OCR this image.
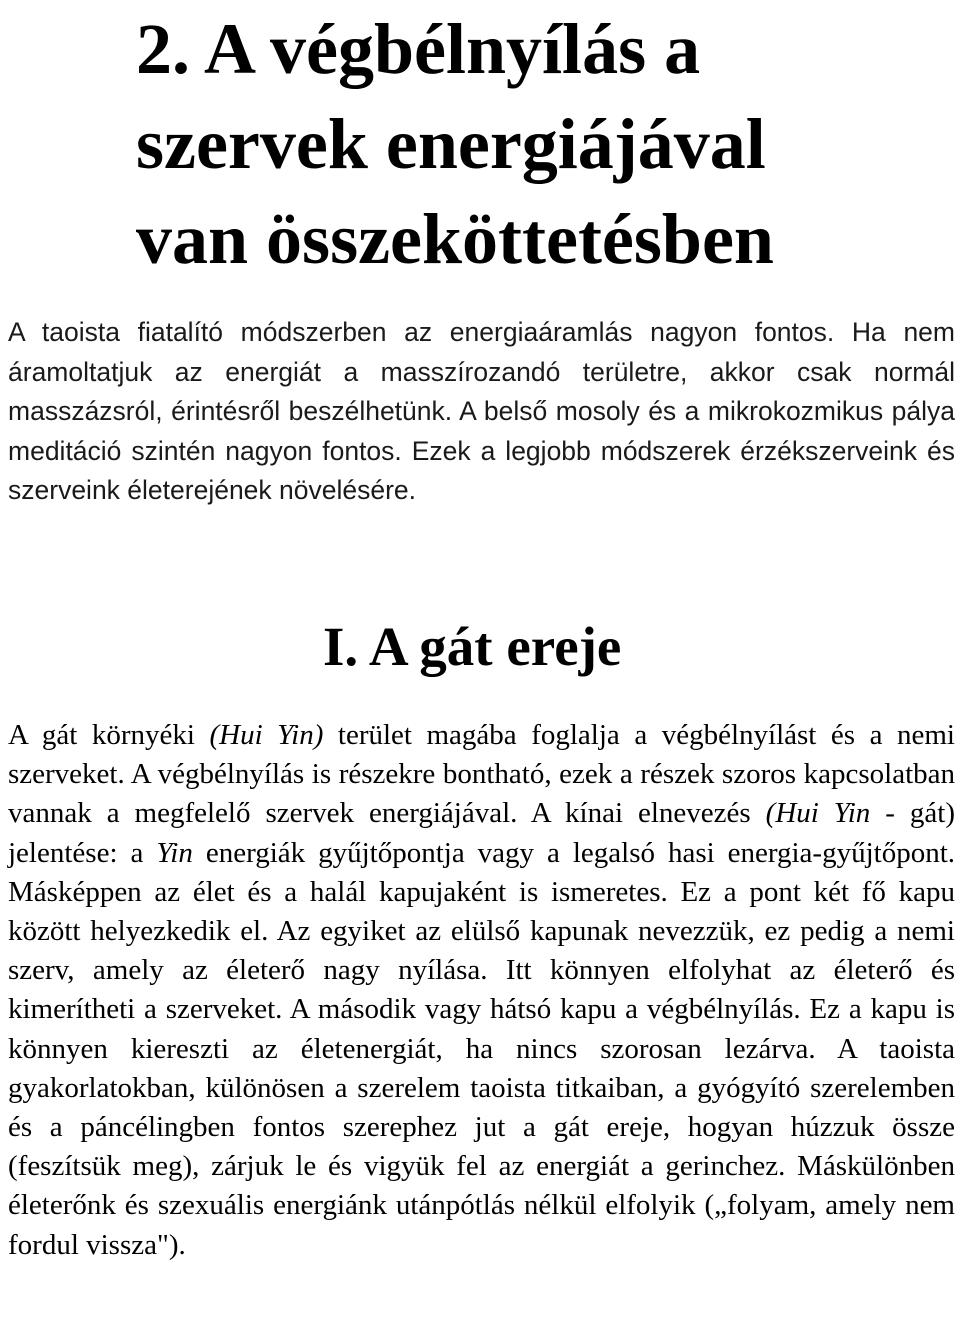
2. A végbélnyílás a
szervek energiájával
van összeköttetésben

A taoista fiatalító módszerben az energiaáramlás nagyon fontos. Ha nem áramoltatjuk az energiát a masszírozandó területre, akkor csak normál masszázsról, érintésről beszélhetünk. A belső mosoly és a mikrokozmikus pálya meditáció szintén nagyon fontos. Ezek a legjobb módszerek érzékszerveink és szerveink életerejének növelésére.

I. A gát ereje

A gát környéki (Hui Yin) terület magába foglalja a végbélnyílást és a nemi szerveket. A végbélnyílás is részekre bontható, ezek a részek szoros kapcsolatban vannak a megfelelő szervek energiájával. A kínai elnevezés (Hui Yin - gát) jelentése: a Yin energiák gyűjtőpontja vagy a legalsó hasi energia-gyűjtőpont. Másképpen az élet és a halál kapujaként is ismeretes. Ez a pont két fő kapu között helyezkedik el. Az egyiket az elülső kapunak nevezzük, ez pedig a nemi szerv, amely az életerő nagy nyílása. Itt könnyen elfolyhat az életerő és kimerítheti a szerveket. A második vagy hátsó kapu a végbélnyílás. Ez a kapu is könnyen kiereszti az életenergiát, ha nincs szorosan lezárva. A taoista gyakorlatokban, különösen a szerelem taoista titkaiban, a gyógyító szerelemben és a páncélingben fontos szerephez jut a gát ereje, hogyan húzzuk össze (feszítsük meg), zárjuk le és vigyük fel az energiát a gerinchez. Máskülönben életerőnk és szexuális energiánk utánpótlás nélkül elfolyik („folyam, amely nem fordul vissza").
